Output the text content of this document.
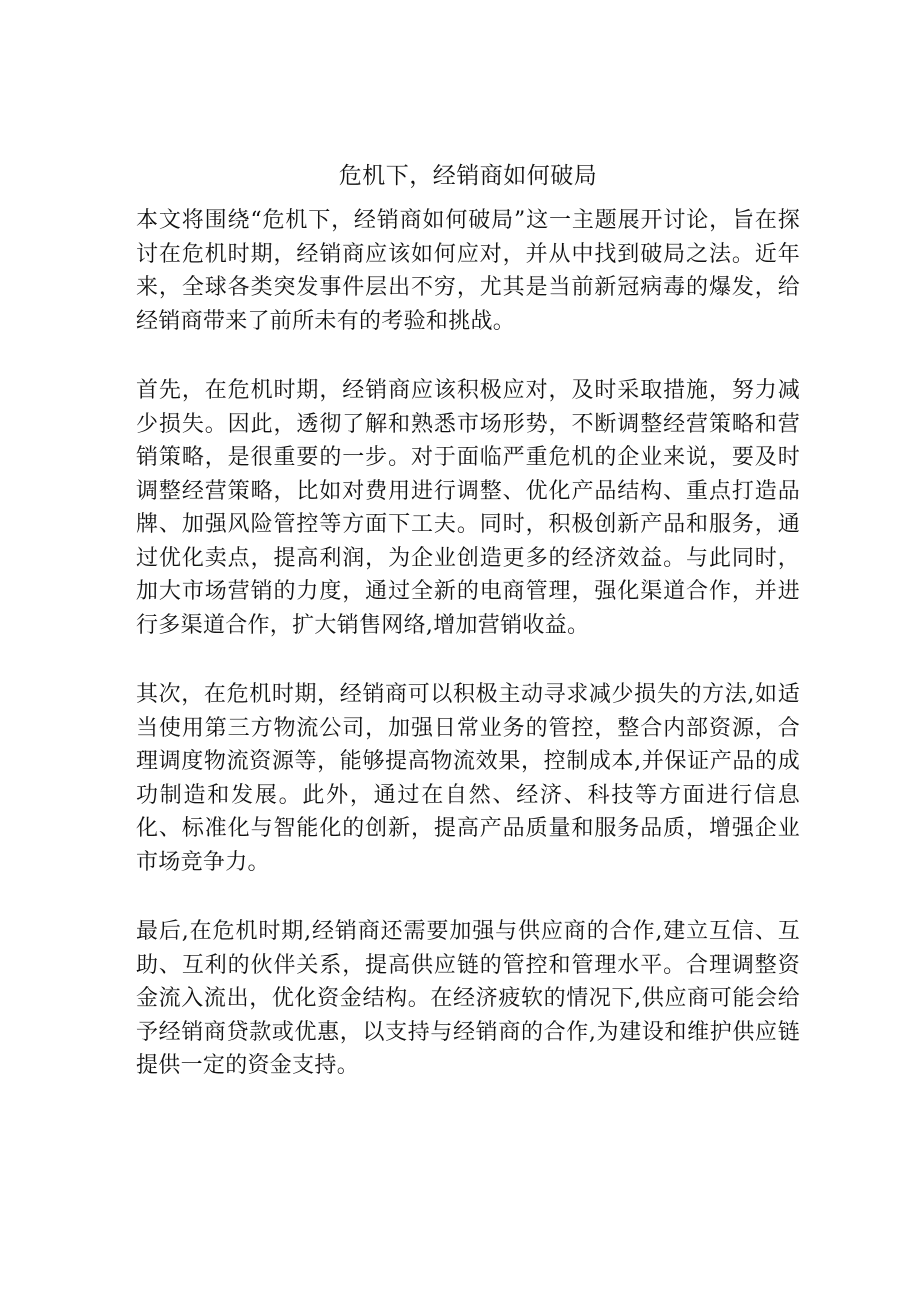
危机下，经销商如何破局

本文将围绕“危机下，经销商如何破局”这一主题展开讨论，旨在探讨在危机时期，经销商应该如何应对，并从中找到破局之法。近年来，全球各类突发事件层出不穷，尤其是当前新冠病毒的爆发，给经销商带来了前所未有的考验和挑战。

首先，在危机时期，经销商应该积极应对，及时采取措施，努力减少损失。因此，透彻了解和熟悉市场形势，不断调整经营策略和营销策略，是很重要的一步。对于面临严重危机的企业来说，要及时调整经营策略，比如对费用进行调整、优化产品结构、重点打造品牌、加强风险管控等方面下工夫。同时，积极创新产品和服务，通过优化卖点，提高利润，为企业创造更多的经济效益。与此同时，加大市场营销的力度，通过全新的电商管理，强化渠道合作，并进行多渠道合作，扩大销售网络,增加营销收益。

其次，在危机时期，经销商可以积极主动寻求减少损失的方法,如适当使用第三方物流公司，加强日常业务的管控，整合内部资源，合理调度物流资源等，能够提高物流效果，控制成本,并保证产品的成功制造和发展。此外，通过在自然、经济、科技等方面进行信息化、标准化与智能化的创新，提高产品质量和服务品质，增强企业市场竞争力。

最后,在危机时期,经销商还需要加强与供应商的合作,建立互信、互助、互利的伙伴关系，提高供应链的管控和管理水平。合理调整资金流入流出，优化资金结构。在经济疲软的情况下,供应商可能会给予经销商贷款或优惠，以支持与经销商的合作,为建设和维护供应链提供一定的资金支持。
